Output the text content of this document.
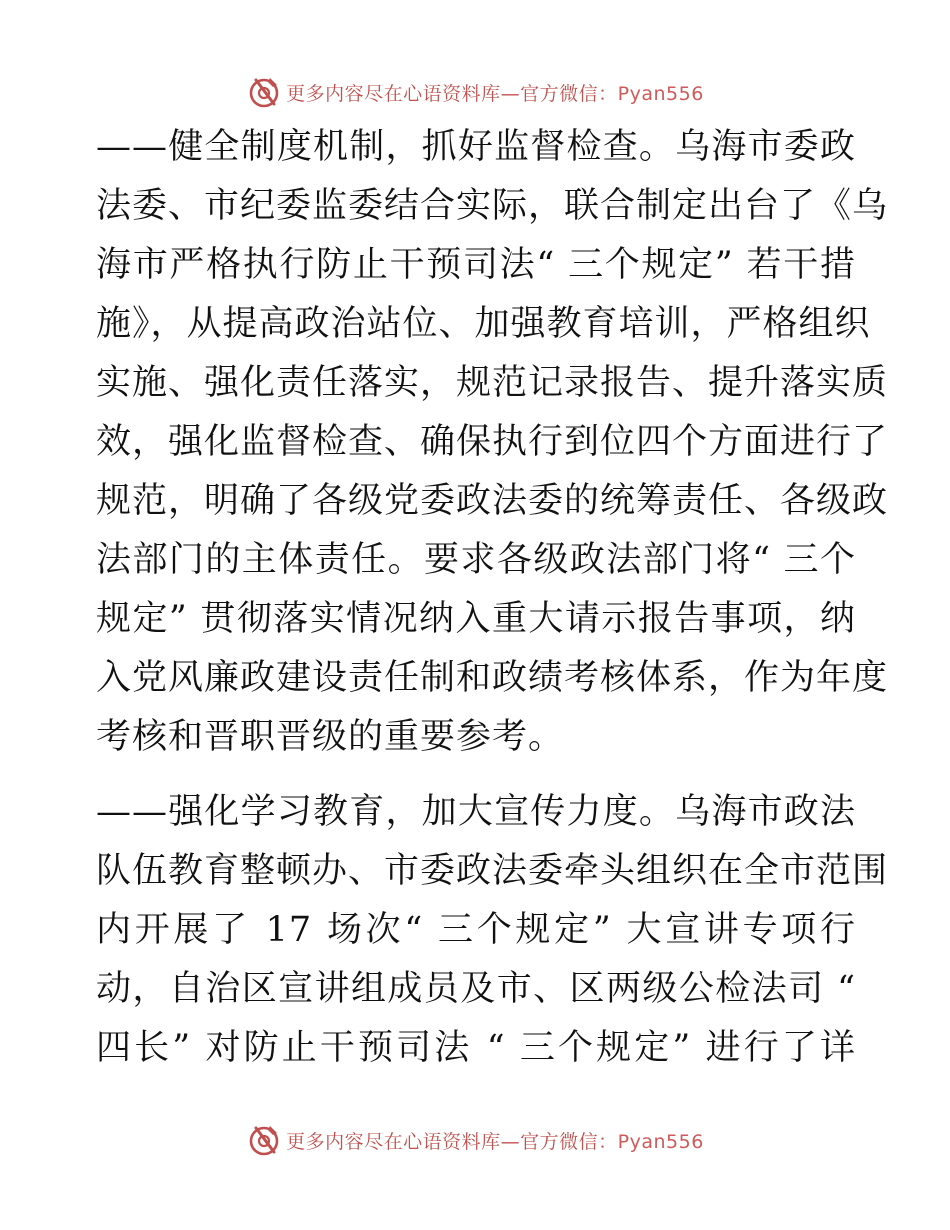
更多内容尽在心语资料库—官方微信：Pyan556
——健全制度机制，抓好监督检查。乌海市委政
法委、市纪委监委结合实际，联合制定出台了《乌
海市严格执行防止干预司法“ 三个规定” 若干措
施》，从提高政治站位、加强教育培训，严格组织
实施、强化责任落实，规范记录报告、提升落实质
效，强化监督检查、确保执行到位四个方面进行了
规范，明确了各级党委政法委的统筹责任、各级政
法部门的主体责任。要求各级政法部门将“ 三个
规定” 贯彻落实情况纳入重大请示报告事项，纳
入党风廉政建设责任制和政绩考核体系，作为年度
考核和晋职晋级的重要参考。
——强化学习教育，加大宣传力度。乌海市政法
队伍教育整顿办、市委政法委牵头组织在全市范围
内开展了 17 场次“ 三个规定” 大宣讲专项行
动，自治区宣讲组成员及市、区两级公检法司 “
四长” 对防止干预司法 “ 三个规定” 进行了详
更多内容尽在心语资料库—官方微信：Pyan556
